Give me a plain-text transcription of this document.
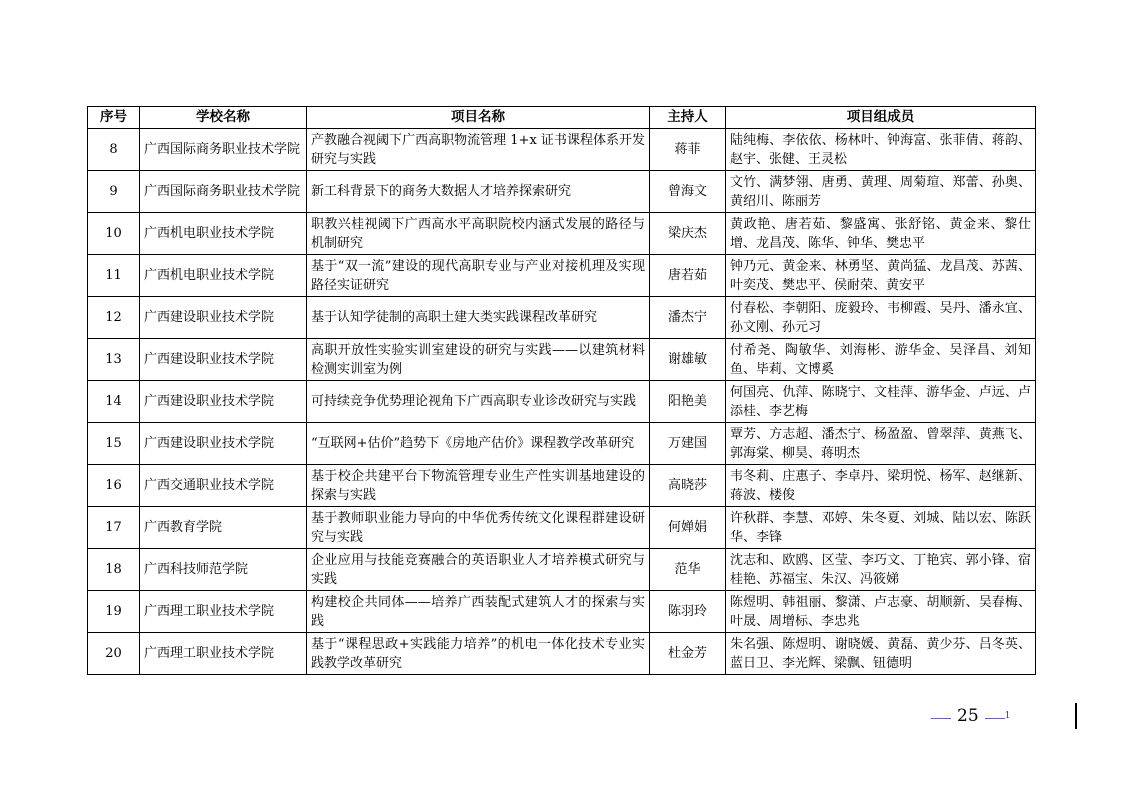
序号	学校名称	项目名称	主持人	项目组成员
8	广西国际商务职业技术学院	产教融合视阈下广西高职物流管理 1+x 证书课程体系开发研究与实践	蒋菲	陆纯梅、李依依、杨林叶、钟海富、张菲倩、蒋韵、赵宇、张健、王灵松
9	广西国际商务职业技术学院	新工科背景下的商务大数据人才培养探索研究	曾海文	文竹、满梦翎、唐勇、黄理、周菊瑄、郑蕾、孙奥、黄绍川、陈丽芳
10	广西机电职业技术学院	职教兴桂视阈下广西高水平高职院校内涵式发展的路径与机制研究	梁庆杰	黄政艳、唐若茹、黎盛寓、张舒铭、黄金来、黎仕增、龙昌茂、陈华、钟华、樊忠平
11	广西机电职业技术学院	基于“双一流”建设的现代高职专业与产业对接机理及实现路径实证研究	唐若茹	钟乃元、黄金来、林勇坚、黄尚猛、龙昌茂、苏茜、叶奕茂、樊忠平、侯耐荣、黄安平
12	广西建设职业技术学院	基于认知学徒制的高职土建大类实践课程改革研究	潘杰宁	付春松、李朝阳、庞毅玲、韦柳霞、吴丹、潘永宜、孙文刚、孙元习
13	广西建设职业技术学院	高职开放性实验实训室建设的研究与实践——以建筑材料检测实训室为例	谢雄敏	付希尧、陶敏华、刘海彬、游华金、吴泽昌、刘知鱼、毕莉、文博奚
14	广西建设职业技术学院	可持续竞争优势理论视角下广西高职专业诊改研究与实践	阳艳美	何国亮、仇萍、陈晓宁、文桂萍、游华金、卢远、卢添桂、李艺梅
15	广西建设职业技术学院	“互联网+估价”趋势下《房地产估价》课程教学改革研究	万建国	覃芳、方志超、潘杰宁、杨盈盈、曾翠萍、黄燕飞、郭海棠、柳昊、蒋明杰
16	广西交通职业技术学院	基于校企共建平台下物流管理专业生产性实训基地建设的探索与实践	高晓莎	韦冬莉、庄惠子、李卓丹、梁玥悦、杨军、赵继新、蒋波、楼俊
17	广西教育学院	基于教师职业能力导向的中华优秀传统文化课程群建设研究与实践	何婵娟	许秋群、李慧、邓婷、朱冬夏、刘城、陆以宏、陈跃华、李锋
18	广西科技师范学院	企业应用与技能竞赛融合的英语职业人才培养模式研究与实践	范华	沈志和、欧鸥、区莹、李巧文、丁艳宾、郭小锋、宿桂艳、苏福宝、朱汉、冯筱娣
19	广西理工职业技术学院	构建校企共同体——培养广西装配式建筑人才的探索与实践	陈羽玲	陈煜明、韩祖丽、黎潇、卢志豪、胡顺新、吴春梅、叶晟、周增标、李忠兆
20	广西理工职业技术学院	基于“课程思政+实践能力培养”的机电一体化技术专业实践教学改革研究	杜金芳	朱名强、陈煜明、谢晓媛、黄磊、黄少芬、吕冬英、蓝日卫、李光辉、梁飘、钮德明
25	$^1$
